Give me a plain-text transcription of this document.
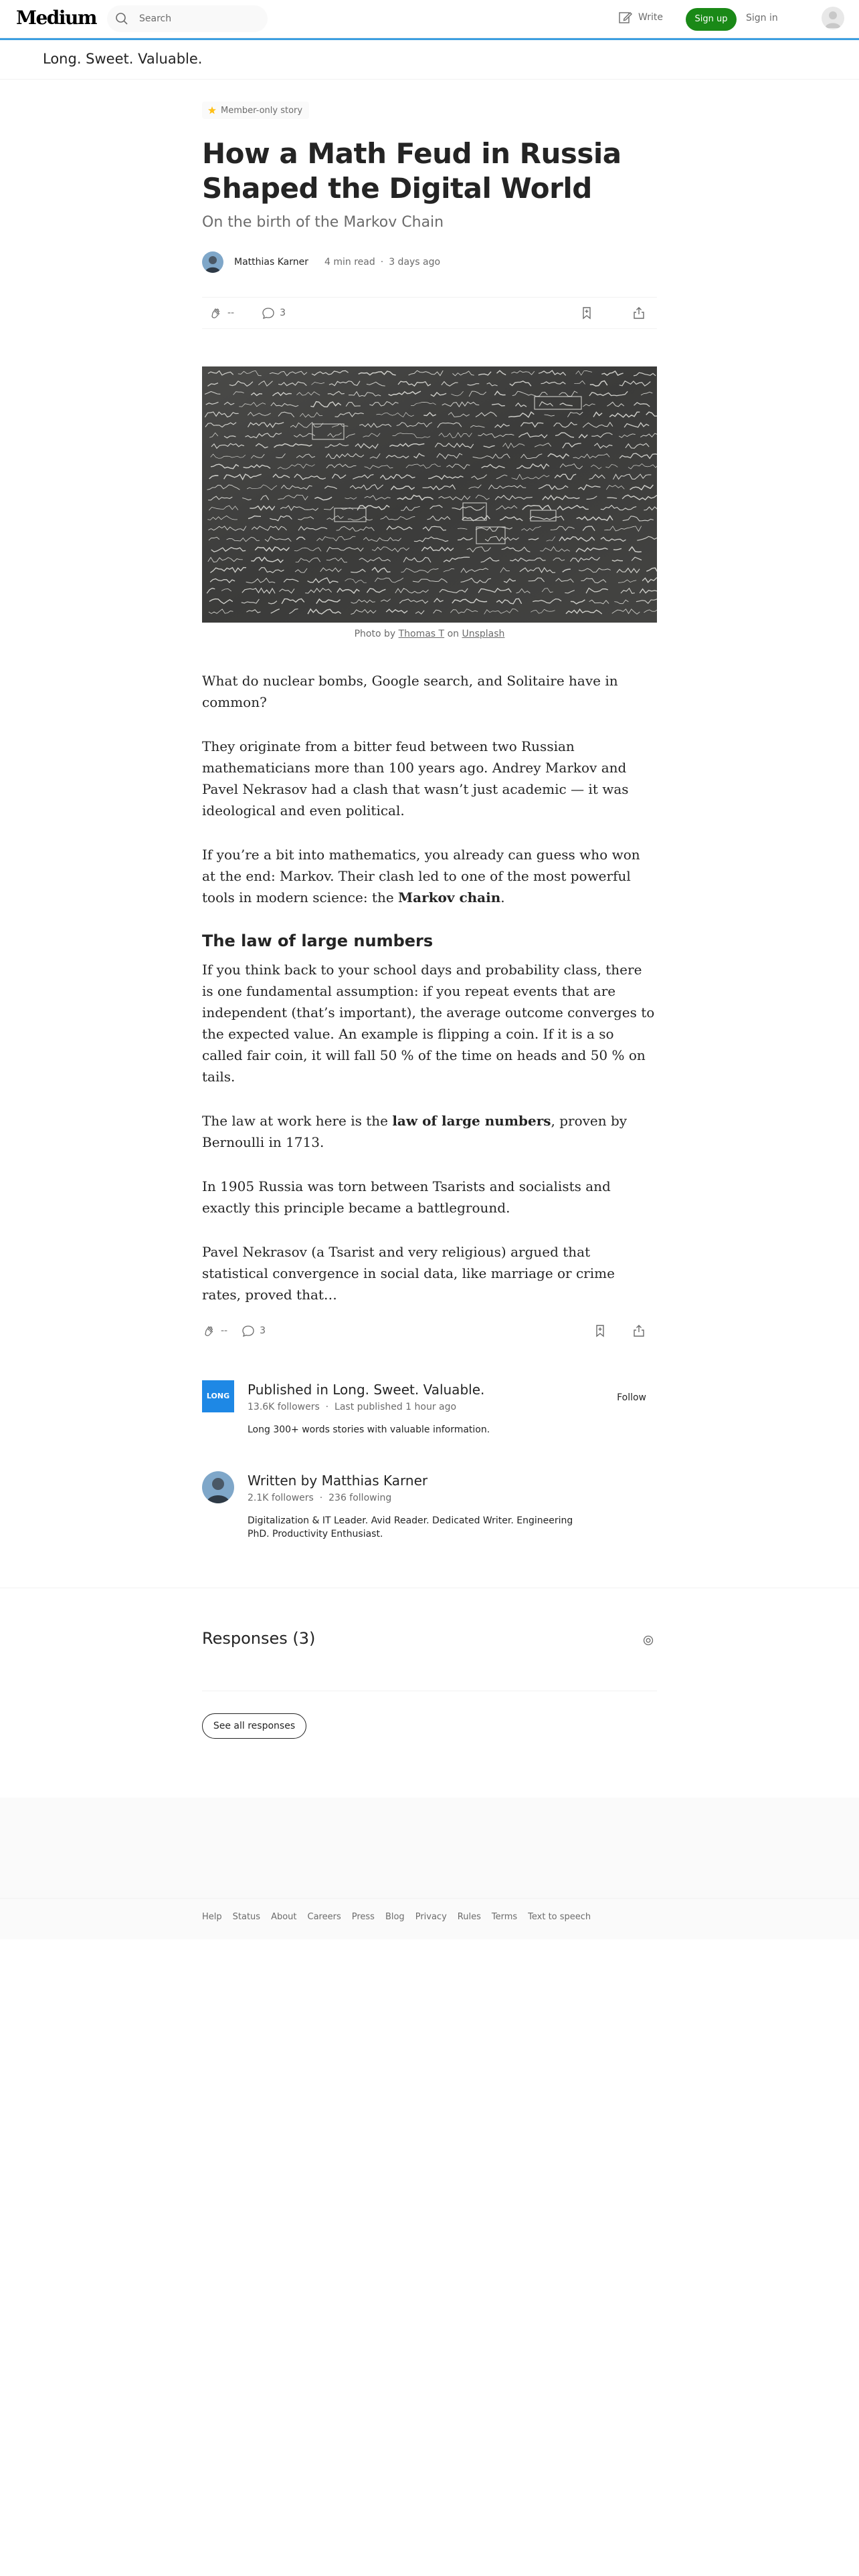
Medium	Search	Write	Sign up	Sign in
Long. Sweet. Valuable.
Member-only story
How a Math Feud in Russia Shaped the Digital World
On the birth of the Markov Chain
Matthias Karner 4 min read · 3 days ago
--	3
Photo by Thomas T on Unsplash

What do nuclear bombs, Google search, and Solitaire have in common?

They originate from a bitter feud between two Russian mathematicians more than 100 years ago. Andrey Markov and Pavel Nekrasov had a clash that wasn’t just academic — it was ideological and even political.

If you’re a bit into mathematics, you already can guess who won at the end: Markov. Their clash led to one of the most powerful tools in modern science: the Markov chain.

The law of large numbers

If you think back to your school days and probability class, there is one fundamental assumption: if you repeat events that are independent (that’s important), the average outcome converges to the expected value. An example is flipping a coin. If it is a so called fair coin, it will fall 50 % of the time on heads and 50 % on tails.

The law at work here is the law of large numbers, proven by Bernoulli in 1713.

In 1905 Russia was torn between Tsarists and socialists and exactly this principle became a battleground.

Pavel Nekrasov (a Tsarist and very religious) argued that statistical convergence in social data, like marriage or crime rates, proved that…

--	3
LONG	Published in Long. Sweet. Valuable.
13.6K followers  ·  Last published 1 hour ago
Long 300+ words stories with valuable information.
Follow
Written by Matthias Karner
2.1K followers  ·  236 following
Digitalization & IT Leader. Avid Reader. Dedicated Writer. Engineering PhD. Productivity Enthusiast.
Responses (3)
See all responses
Help Status About Careers Press Blog Privacy Rules Terms Text to speech
